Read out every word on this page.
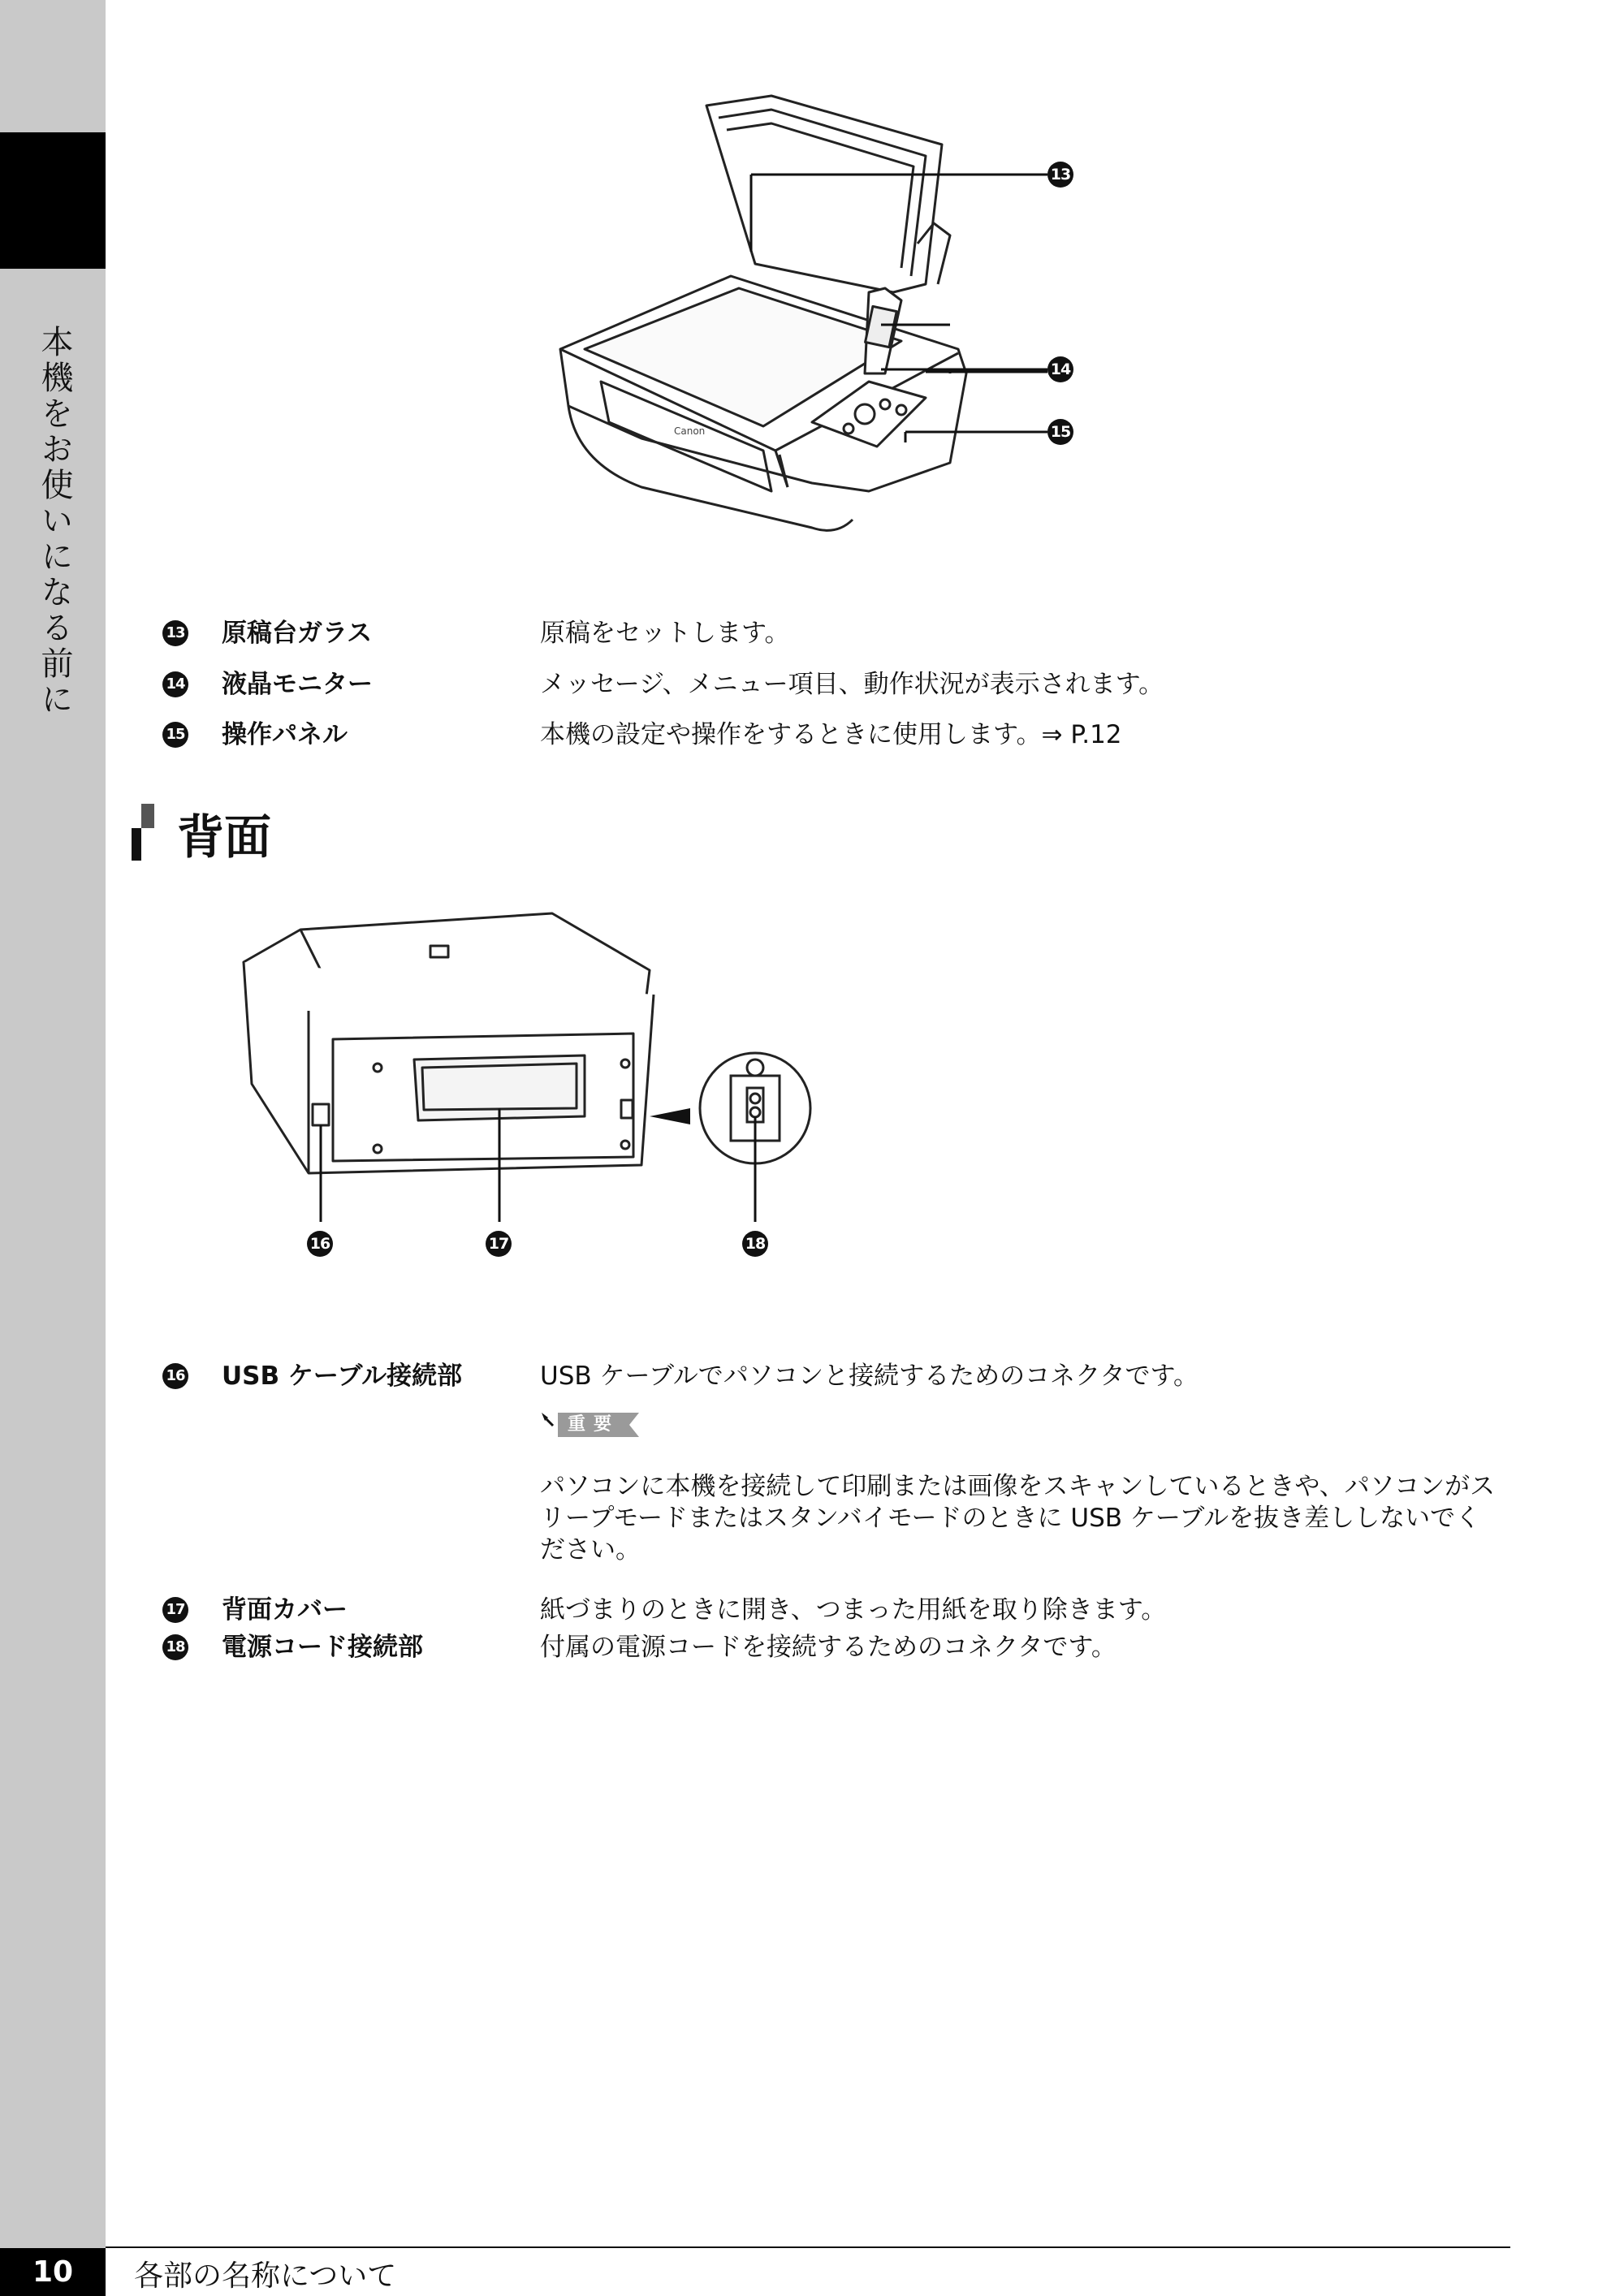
本機をお使いになる前に	Canon
13
14
15
13 原稿台ガラス	原稿をセットします。
14 液晶モニター	メッセージ、メニュー項目、動作状況が表示されます。
15 操作パネル	本機の設定や操作をするときに使用します。⇒ P.12
背面
16	17	18
16 USB ケーブル接続部	USB ケーブルでパソコンと接続するためのコネクタです。
重要
パソコンに本機を接続して印刷または画像をスキャンしているときや、パソコンがス
リープモードまたはスタンバイモードのときに USB ケーブルを抜き差ししないでく
ださい。
17 背面カバー	紙づまりのときに開き、つまった用紙を取り除きます。
18 電源コード接続部	付属の電源コードを接続するためのコネクタです。
10	各部の名称について
